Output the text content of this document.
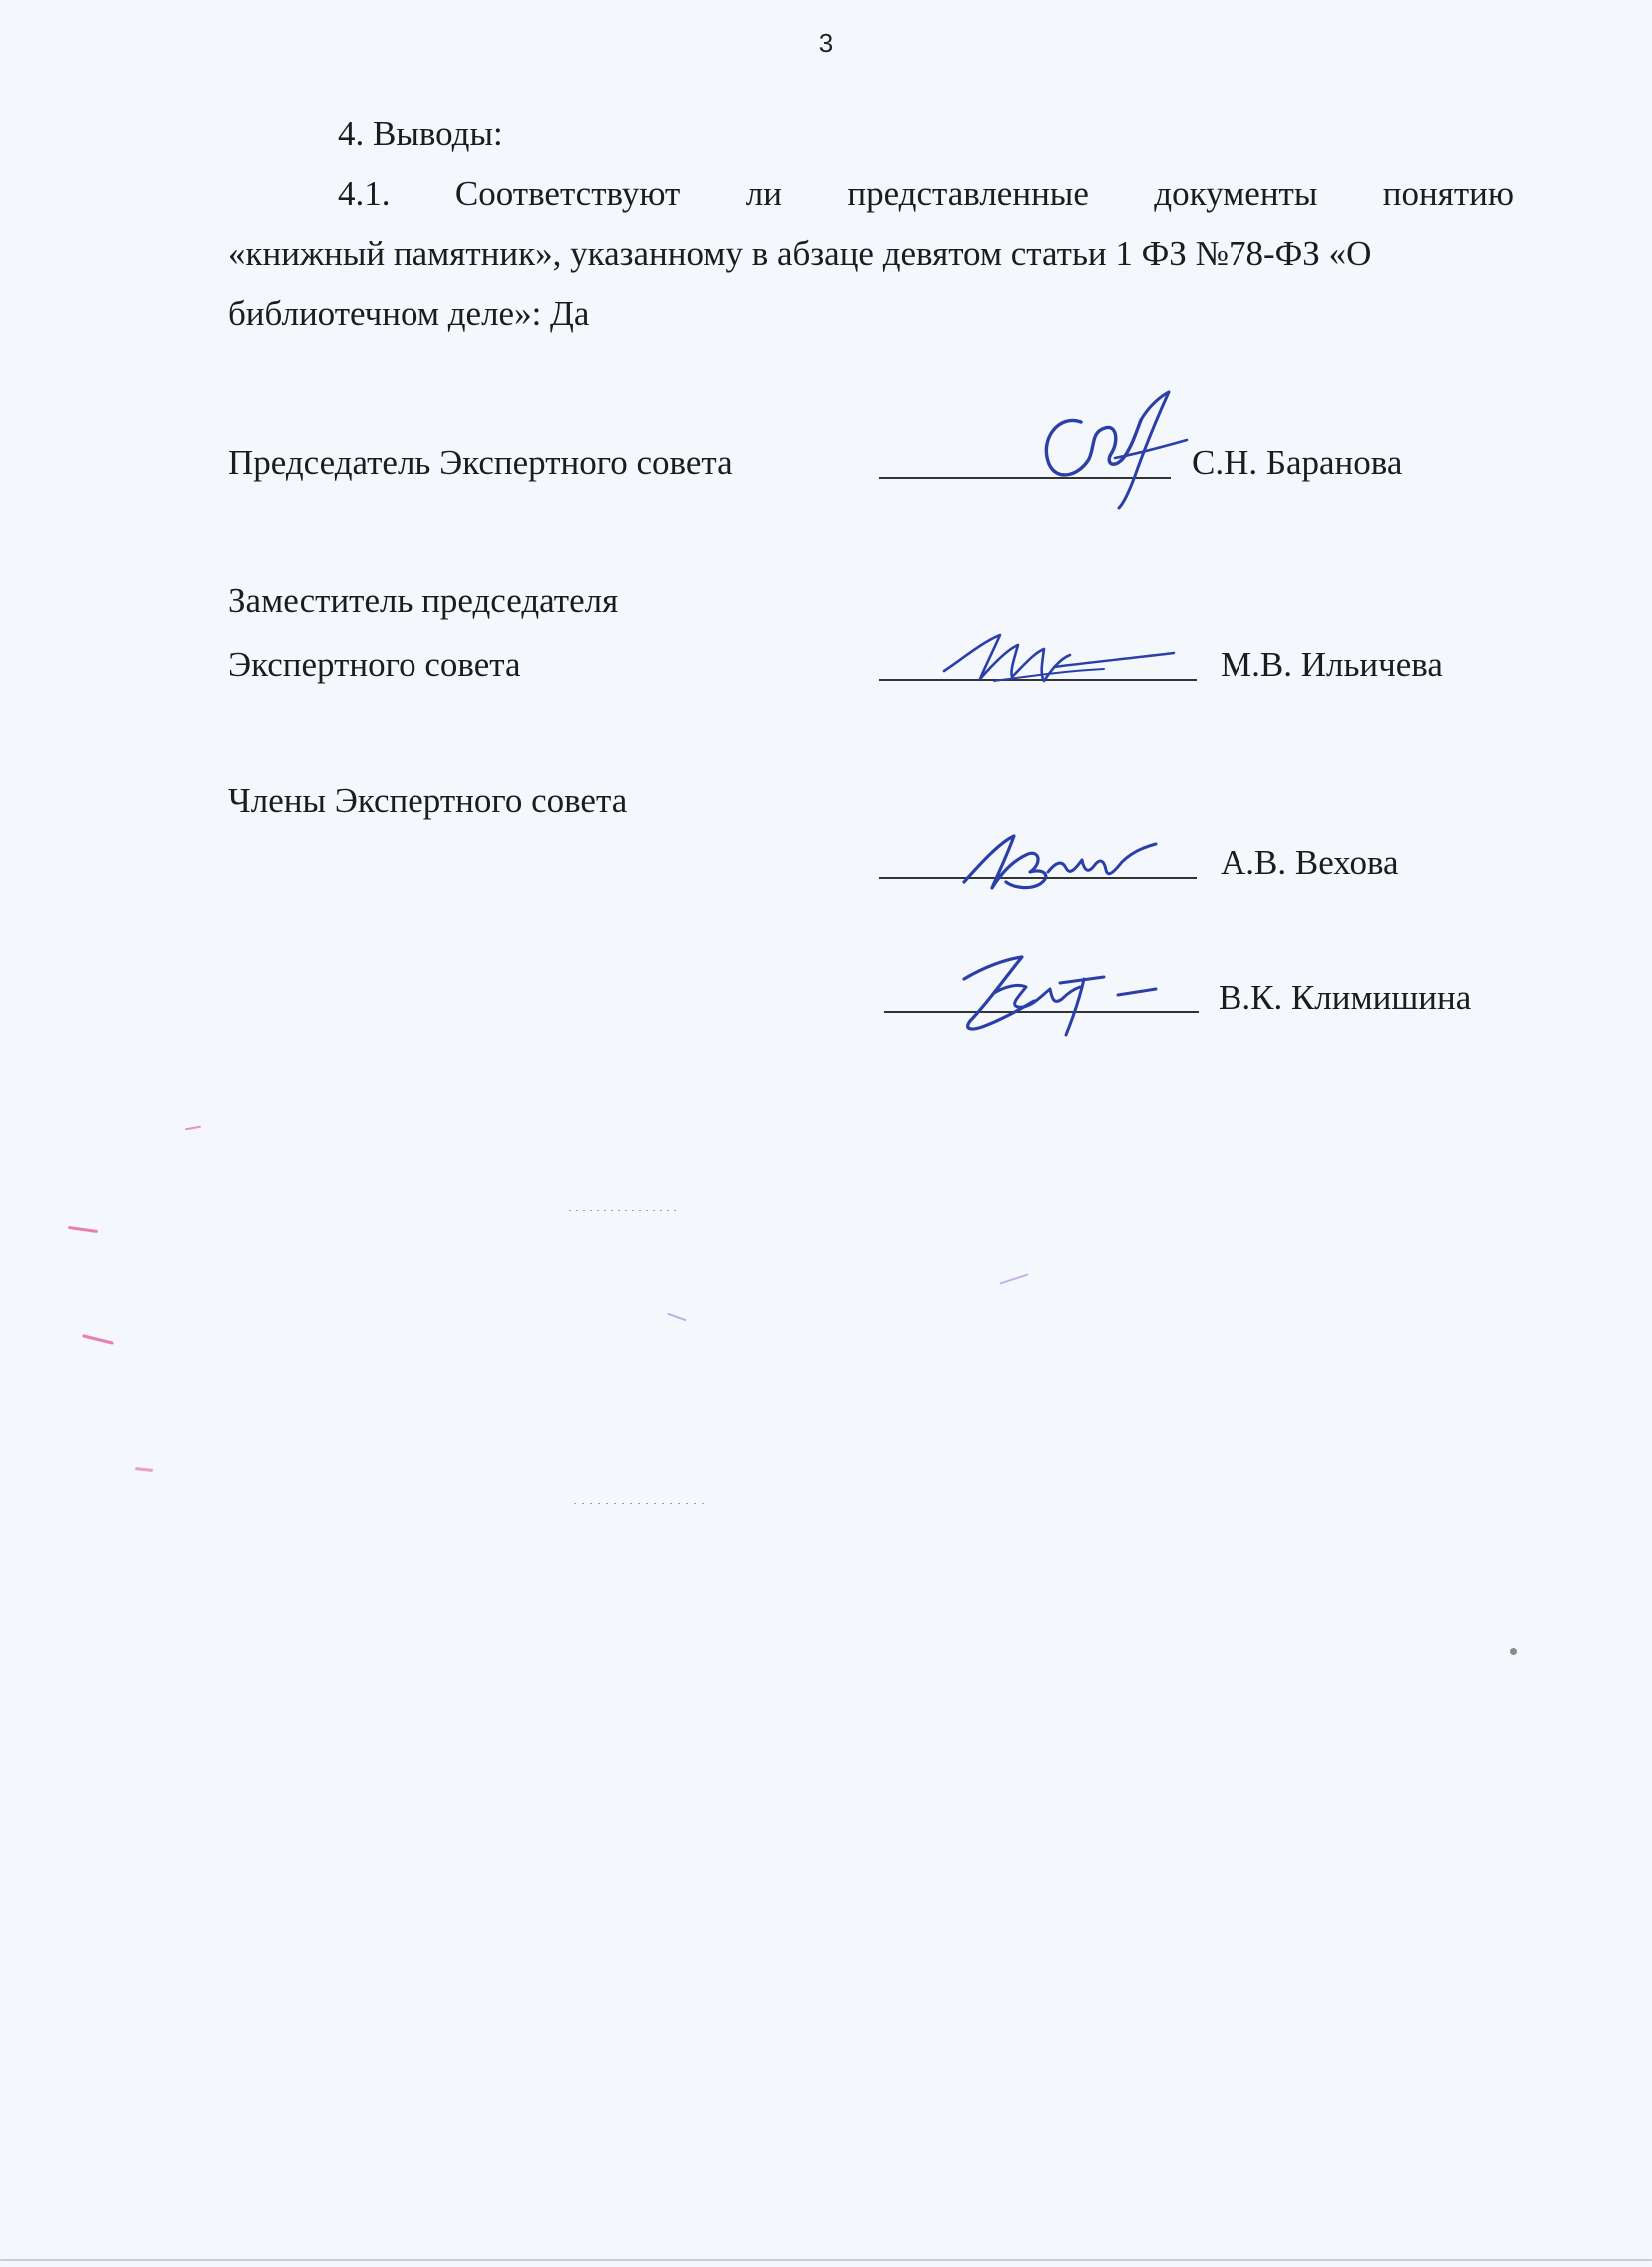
3
4. Выводы:
4.1. Соответствуют ли представленные документы понятию
«книжный памятник», указанному в абзаце девятом статьи 1 ФЗ №78-ФЗ «О
библиотечном деле»: Да
Председатель Экспертного совета	С.Н. Баранова
Заместитель председателя
Экспертного совета	М.В. Ильичева
Члены Экспертного совета
А.В. Вехова
В.К. Климишина
